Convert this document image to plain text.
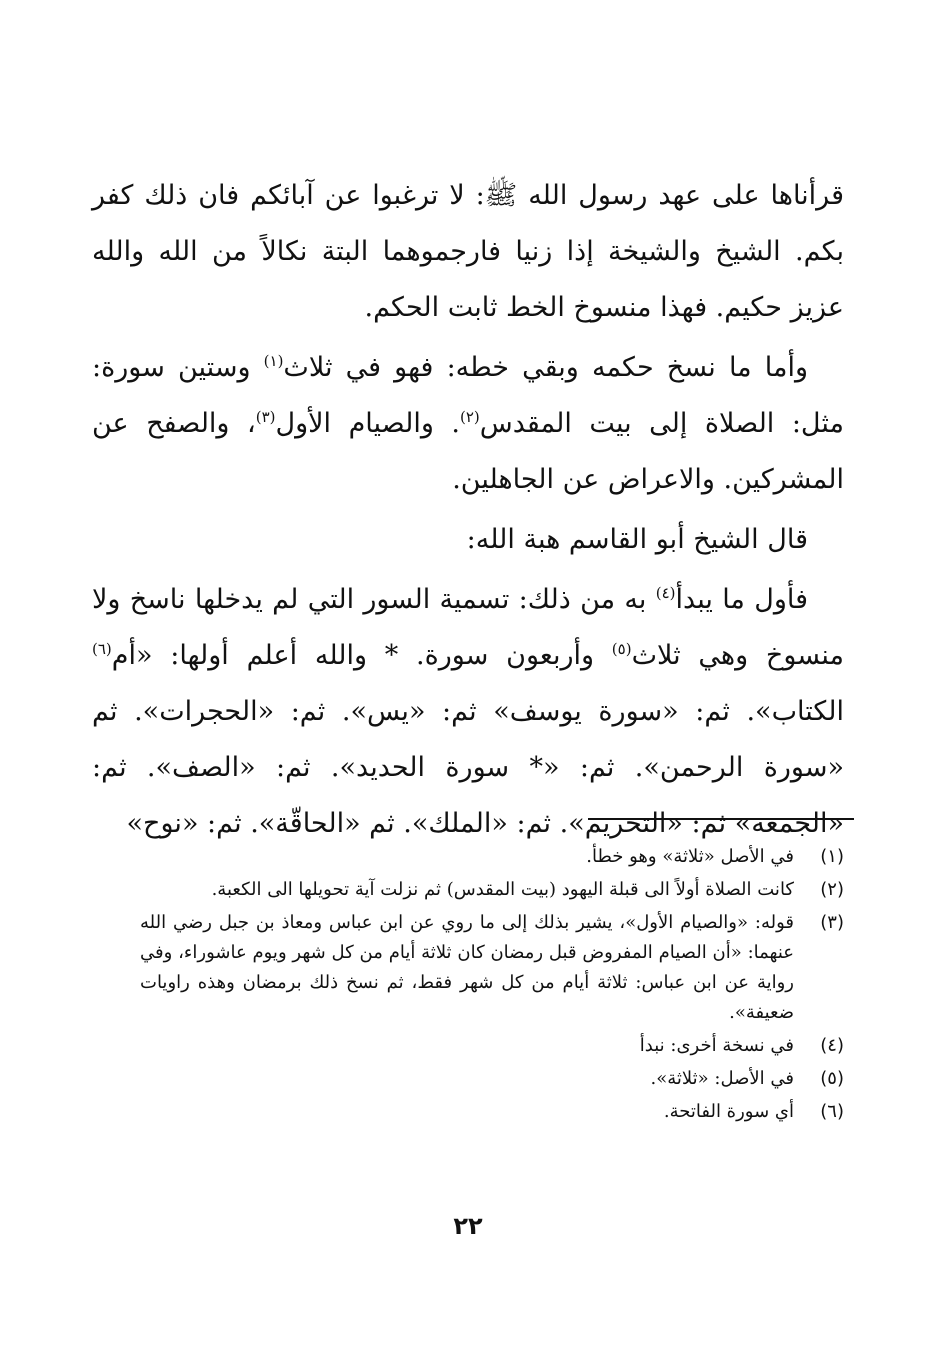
قرأناها على عهد رسول الله ﷺ: لا ترغبوا عن آبائكم فان ذلك كفر بكم. الشيخ والشيخة إذا زنيا فارجموهما البتة نكالاً من الله والله عزيز حكيم. فهذا منسوخ الخط ثابت الحكم.

وأما ما نسخ حكمه وبقي خطه: فهو في ثلاث$^{(١)}$ وستين سورة: مثل: الصلاة إلى بيت المقدس$^{(٢)}$. والصيام الأول$^{(٣)}$، والصفح عن المشركين. والاعراض عن الجاهلين.

قال الشيخ أبو القاسم هبة الله:

فأول ما يبدأ$^{(٤)}$ به من ذلك: تسمية السور التي لم يدخلها ناسخ ولا منسوخ وهي ثلاث$^{(٥)}$ وأربعون سورة. * والله أعلم أولها: «أم$^{(٦)}$ الكتاب». ثم: «سورة يوسف» ثم: «يس». ثم: «الحجرات». ثم «سورة الرحمن». ثم: «* سورة الحديد». ثم: «الصف». ثم: «الجمعة» ثم: «التحريم». ثم: «الملك». ثم «الحاقّة». ثم: «نوح»

(١)
في الأصل «ثلاثة» وهو خطأ.
(٢)
كانت الصلاة أولاً الى قبلة اليهود (بيت المقدس) ثم نزلت آية تحويلها الى الكعبة.
(٣)
قوله: «والصيام الأول»، يشير بذلك إلى ما روي عن ابن عباس ومعاذ بن جبل رضي الله عنهما: «أن الصيام المفروض قبل رمضان كان ثلاثة أيام من كل شهر ويوم عاشوراء، وفي رواية عن ابن عباس: ثلاثة أيام من كل شهر فقط، ثم نسخ ذلك برمضان وهذه راويات ضعيفة».
(٤)
في نسخة أخرى: نبدأ
(٥)
في الأصل: «ثلاثة».
(٦)
أي سورة الفاتحة.
٢٢
